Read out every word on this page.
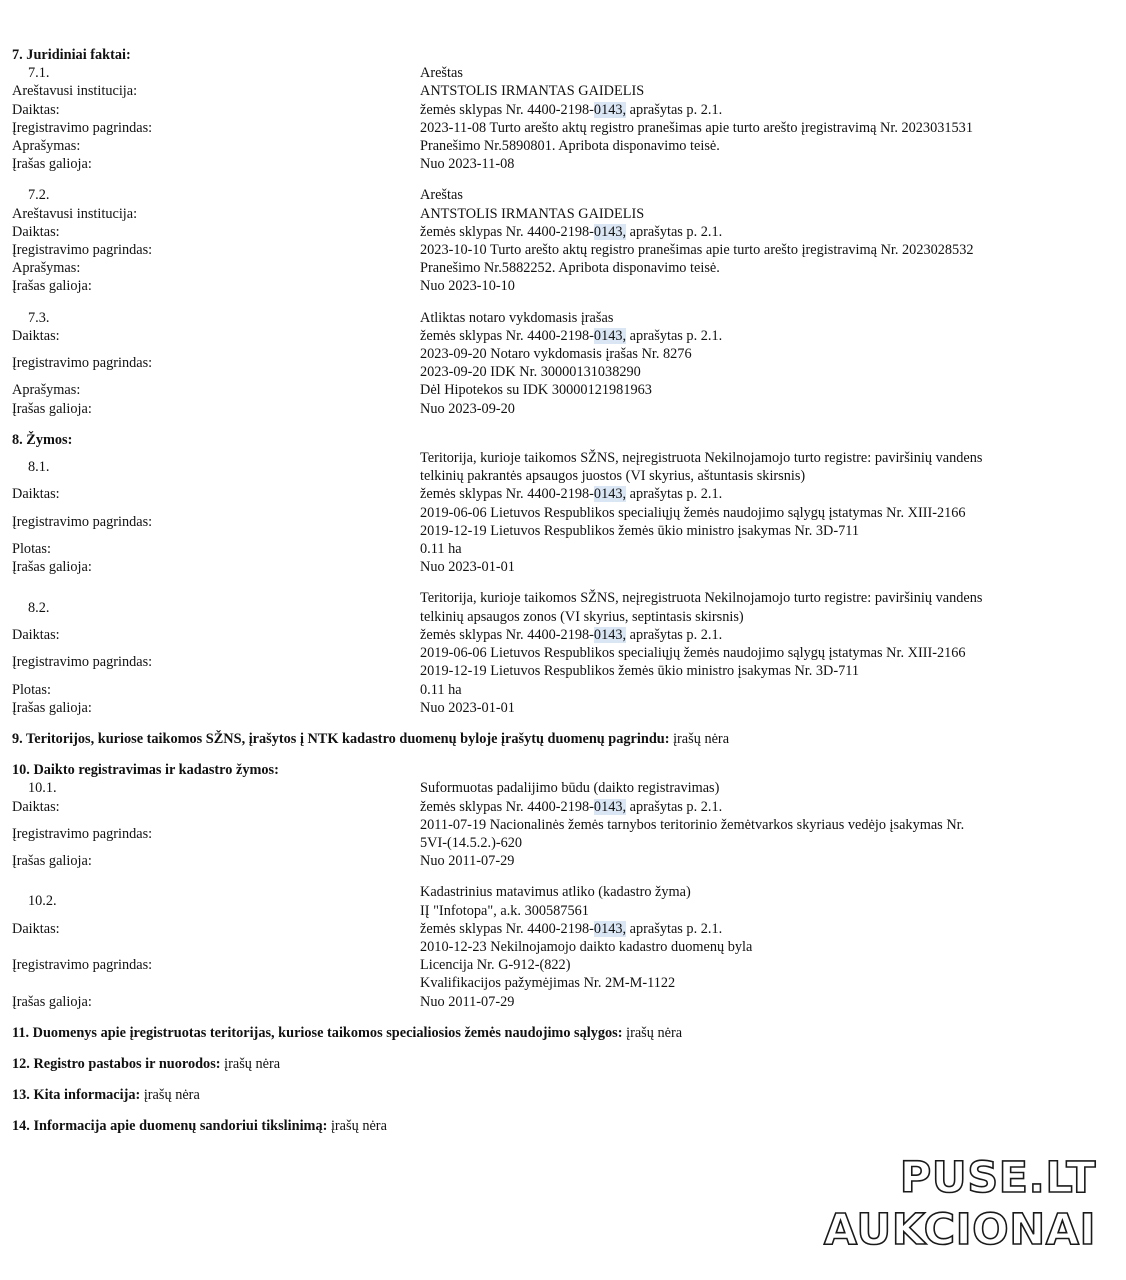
7. Juridiniai faktai:
7.1.	Areštas
Areštavusi institucija:	ANTSTOLIS IRMANTAS GAIDELIS
Daiktas:	žemės sklypas Nr. 4400-2198-0143, aprašytas p. 2.1.
Įregistravimo pagrindas:	2023-11-08 Turto arešto aktų registro pranešimas apie turto arešto įregistravimą Nr. 2023031531
Aprašymas:	Pranešimo Nr.5890801. Apribota disponavimo teisė.
Įrašas galioja:	Nuo 2023-11-08
7.2.	Areštas
Areštavusi institucija:	ANTSTOLIS IRMANTAS GAIDELIS
Daiktas:	žemės sklypas Nr. 4400-2198-0143, aprašytas p. 2.1.
Įregistravimo pagrindas:	2023-10-10 Turto arešto aktų registro pranešimas apie turto arešto įregistravimą Nr. 2023028532
Aprašymas:	Pranešimo Nr.5882252. Apribota disponavimo teisė.
Įrašas galioja:	Nuo 2023-10-10
7.3.	Atliktas notaro vykdomasis įrašas
Daiktas:	žemės sklypas Nr. 4400-2198-0143, aprašytas p. 2.1.
Įregistravimo pagrindas:
2023-09-20 Notaro vykdomasis įrašas Nr. 8276
2023-09-20 IDK Nr. 30000131038290
Aprašymas:	Dėl Hipotekos su IDK 30000121981963
Įrašas galioja:	Nuo 2023-09-20
8. Žymos:
8.1.
Teritorija, kurioje taikomos SŽNS, neįregistruota Nekilnojamojo turto registre: paviršinių vandens
telkinių pakrantės apsaugos juostos (VI skyrius, aštuntasis skirsnis)
Daiktas:	žemės sklypas Nr. 4400-2198-0143, aprašytas p. 2.1.
Įregistravimo pagrindas:
2019-06-06 Lietuvos Respublikos specialiųjų žemės naudojimo sąlygų įstatymas Nr. XIII-2166
2019-12-19 Lietuvos Respublikos žemės ūkio ministro įsakymas Nr. 3D-711
Plotas:	0.11 ha
Įrašas galioja:	Nuo 2023-01-01
8.2.
Teritorija, kurioje taikomos SŽNS, neįregistruota Nekilnojamojo turto registre: paviršinių vandens
telkinių apsaugos zonos (VI skyrius, septintasis skirsnis)
Daiktas:	žemės sklypas Nr. 4400-2198-0143, aprašytas p. 2.1.
Įregistravimo pagrindas:
2019-06-06 Lietuvos Respublikos specialiųjų žemės naudojimo sąlygų įstatymas Nr. XIII-2166
2019-12-19 Lietuvos Respublikos žemės ūkio ministro įsakymas Nr. 3D-711
Plotas:	0.11 ha
Įrašas galioja:	Nuo 2023-01-01
9. Teritorijos, kuriose taikomos SŽNS, įrašytos į NTK kadastro duomenų byloje įrašytų duomenų pagrindu: įrašų nėra
10. Daikto registravimas ir kadastro žymos:
10.1.	Suformuotas padalijimo būdu (daikto registravimas)
Daiktas:	žemės sklypas Nr. 4400-2198-0143, aprašytas p. 2.1.
Įregistravimo pagrindas:
2011-07-19 Nacionalinės žemės tarnybos teritorinio žemėtvarkos skyriaus vedėjo įsakymas Nr.
5VI-(14.5.2.)-620
Įrašas galioja:	Nuo 2011-07-29
10.2.
Kadastrinius matavimus atliko (kadastro žyma)
IĮ "Infotopa", a.k. 300587561
Daiktas:	žemės sklypas Nr. 4400-2198-0143, aprašytas p. 2.1.
Įregistravimo pagrindas:
2010-12-23 Nekilnojamojo daikto kadastro duomenų byla
Licencija Nr. G-912-(822)
Kvalifikacijos pažymėjimas Nr. 2M-M-1122
Įrašas galioja:	Nuo 2011-07-29
11. Duomenys apie įregistruotas teritorijas, kuriose taikomos specialiosios žemės naudojimo sąlygos: įrašų nėra
12. Registro pastabos ir nuorodos: įrašų nėra
13. Kita informacija: įrašų nėra
14. Informacija apie duomenų sandoriui tikslinimą: įrašų nėra
PUSE.LT
AUKCIONAI
